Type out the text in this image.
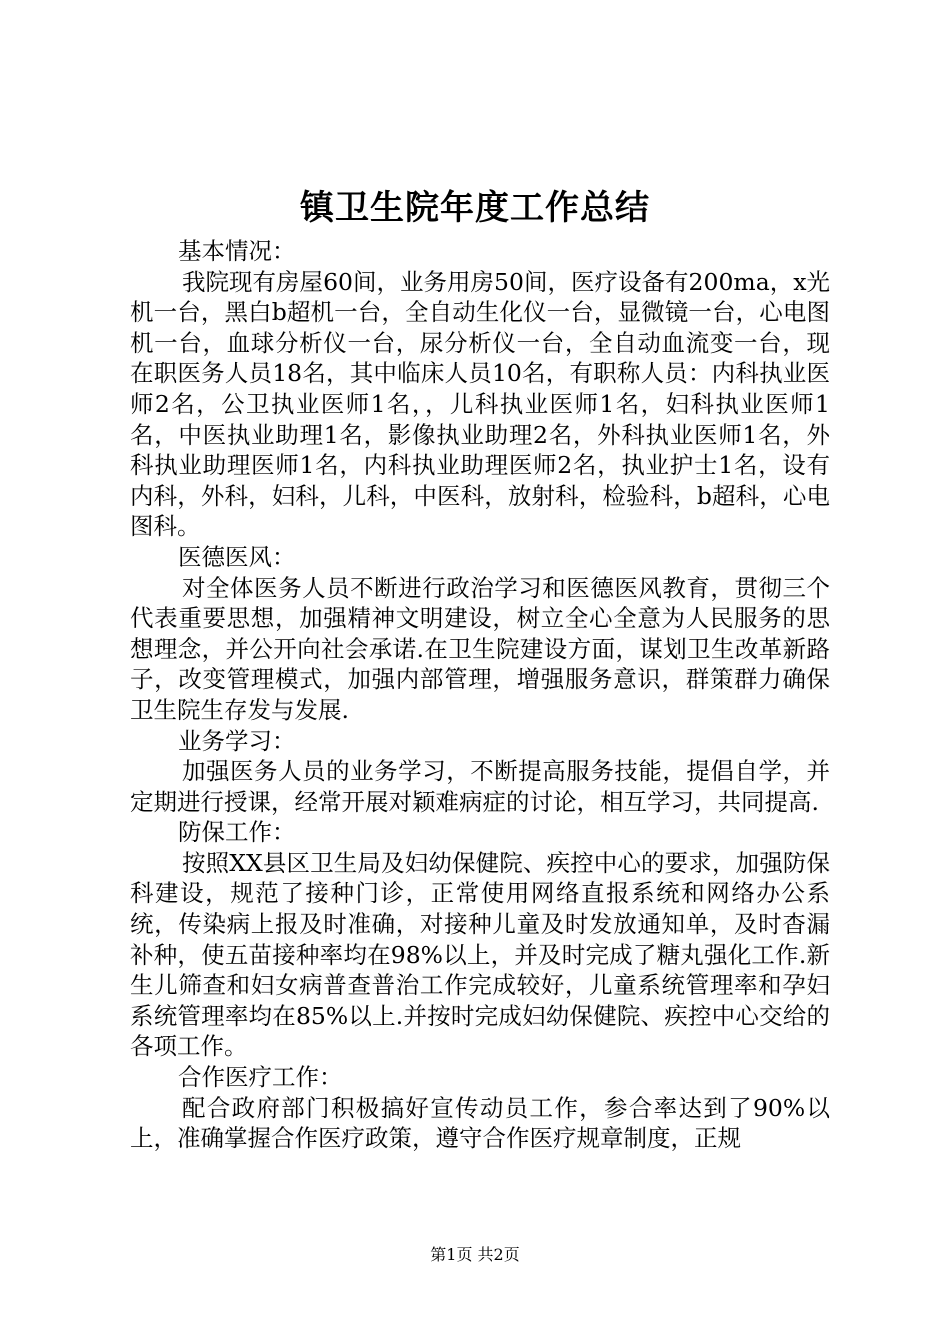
镇卫生院年度工作总结

基本情况：

我院现有房屋60间，业务用房50间，医疗设备有200ma，x光机一台，黑白b超机一台，全自动生化仪一台，显微镜一台，心电图机一台，血球分析仪一台，尿分析仪一台，全自动血流变一台，现在职医务人员18名，其中临床人员10名，有职称人员：内科执业医师2名，公卫执业医师1名，，儿科执业医师1名，妇科执业医师1名，中医执业助理1名，影像执业助理2名，外科执业医师1名，外科执业助理医师1名，内科执业助理医师2名，执业护士1名，设有内科，外科，妇科，儿科，中医科，放射科，检验科，b超科，心电图科。

医德医风：

对全体医务人员不断进行政治学习和医德医风教育，贯彻三个代表重要思想，加强精神文明建设，树立全心全意为人民服务的思想理念，并公开向社会承诺.在卫生院建设方面，谋划卫生改革新路子，改变管理模式，加强内部管理，增强服务意识，群策群力确保卫生院生存发与发展.

业务学习：

加强医务人员的业务学习，不断提高服务技能，提倡自学，并定期进行授课，经常开展对颖难病症的讨论，相互学习，共同提高.

防保工作：

按照XX县区卫生局及妇幼保健院、疾控中心的要求，加强防保科建设，规范了接种门诊，正常使用网络直报系统和网络办公系统，传染病上报及时准确，对接种儿童及时发放通知单，及时杳漏补种，使五苗接种率均在98%以上，并及时完成了糖丸强化工作.新生儿筛查和妇女病普查普治工作完成较好，儿童系统管理率和孕妇系统管理率均在85%以上.并按时完成妇幼保健院、疾控中心交给的各项工作。

合作医疗工作：

配合政府部门积极搞好宣传动员工作，参合率达到了90%以上，准确掌握合作医疗政策，遵守合作医疗规章制度，正规

第1页 共2页
